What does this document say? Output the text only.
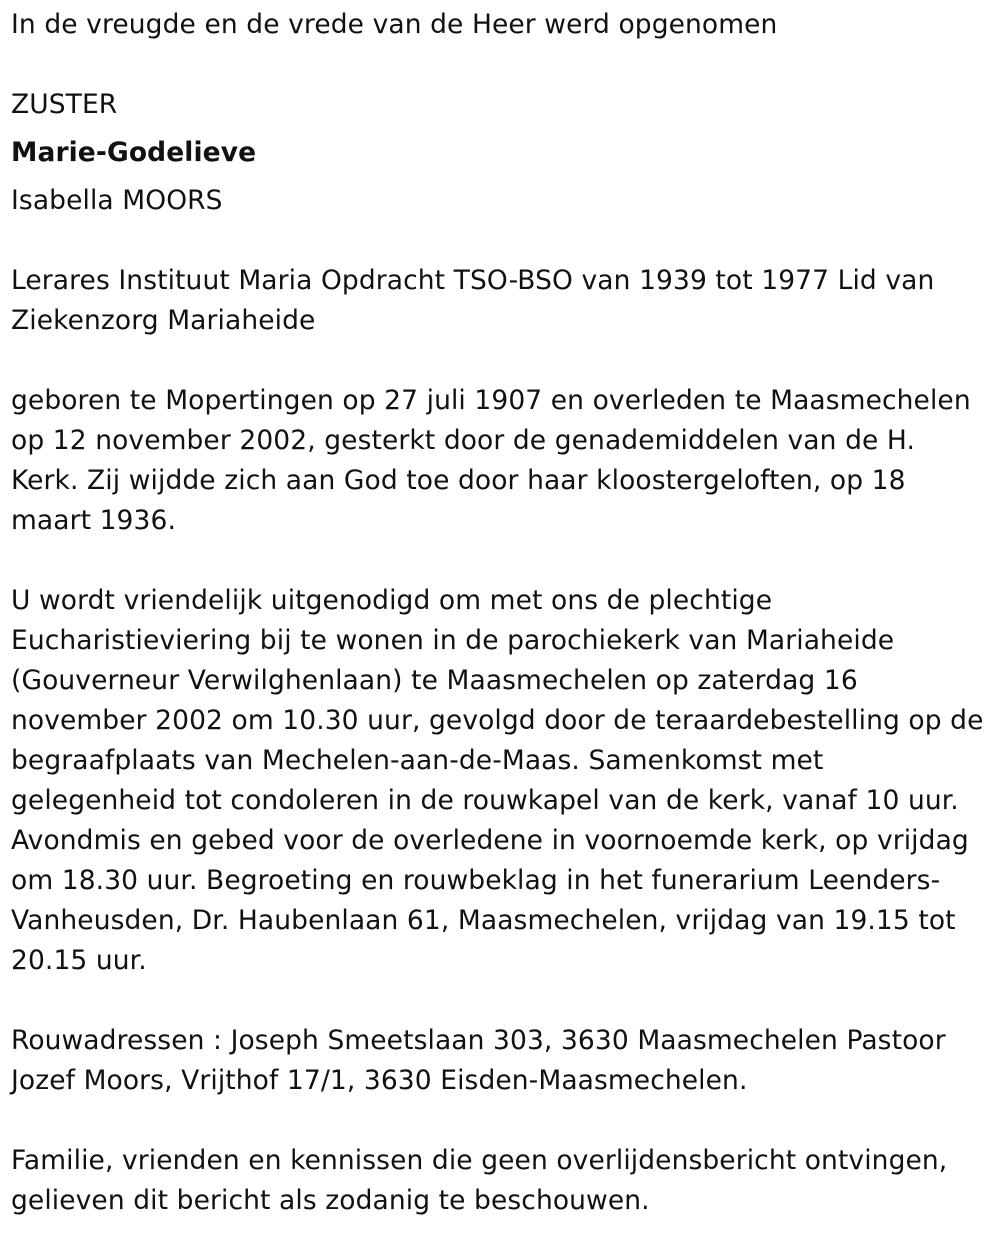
In de vreugde en de vrede van de Heer werd opgenomen
ZUSTER
Marie-Godelieve
Isabella MOORS

Lerares Instituut Maria Opdracht TSO-BSO van 1939 tot 1977 Lid van Ziekenzorg Mariaheide

geboren te Mopertingen op 27 juli 1907 en overleden te Maasmechelen op 12 november 2002, gesterkt door de genademiddelen van de H. Kerk. Zij wijdde zich aan God toe door haar kloostergeloften, op 18 maart 1936.

U wordt vriendelijk uitgenodigd om met ons de plechtige Eucharistieviering bij te wonen in de parochiekerk van Mariaheide (Gouverneur Verwilghenlaan) te Maasmechelen op zaterdag 16 november 2002 om 10.30 uur, gevolgd door de teraardebestelling op de begraafplaats van Mechelen-aan-de-Maas. Samenkomst met gelegenheid tot condoleren in de rouwkapel van de kerk, vanaf 10 uur. Avondmis en gebed voor de overledene in voornoemde kerk, op vrijdag om 18.30 uur. Begroeting en rouwbeklag in het funerarium Leenders-Vanheusden, Dr. Haubenlaan 61, Maasmechelen, vrijdag van 19.15 tot 20.15 uur.

Rouwadressen : Joseph Smeetslaan 303, 3630 Maasmechelen Pastoor Jozef Moors, Vrijthof 17/1, 3630 Eisden-Maasmechelen.

Familie, vrienden en kennissen die geen overlijdensbericht ontvingen, gelieven dit bericht als zodanig te beschouwen.
